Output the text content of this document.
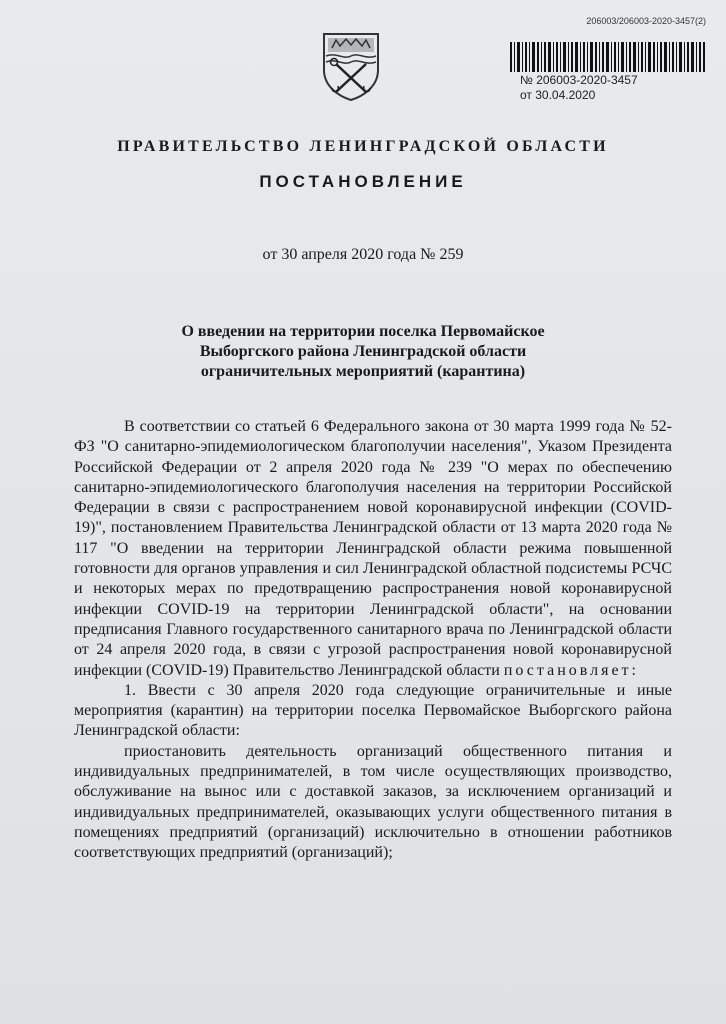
206003/206003-2020-3457(2)
№ 206003-2020-3457
от 30.04.2020
ПРАВИТЕЛЬСТВО ЛЕНИНГРАДСКОЙ ОБЛАСТИ
ПОСТАНОВЛЕНИЕ
от 30 апреля 2020 года № 259
О введении на территории поселка Первомайское
Выборгского района Ленинградской области
ограничительных мероприятий (карантина)

В соответствии со статьей 6 Федерального закона от 30 марта 1999 года № 52-ФЗ "О санитарно-эпидемиологическом благополучии населения", Указом Президента Российской Федерации от 2 апреля 2020 года № 239 "О мерах по обеспечению санитарно-эпидемиологического благополучия населения на территории Российской Федерации в связи с распространением новой коронавирусной инфекции (COVID-19)", постановлением Правительства Ленинградской области от 13 марта 2020 года № 117 "О введении на территории Ленинградской области режима повышенной готовности для органов управления и сил Ленинградской областной подсистемы РСЧС и некоторых мерах по предотвращению распространения новой коронавирусной инфекции COVID-19 на территории Ленинградской области", на основании предписания Главного государственного санитарного врача по Ленинградской области от 24 апреля 2020 года, в связи с угрозой распространения новой коронавирусной инфекции (COVID-19) Правительство Ленинградской области постановляет:

1. Ввести с 30 апреля 2020 года следующие ограничительные и иные мероприятия (карантин) на территории поселка Первомайское Выборгского района Ленинградской области:

приостановить деятельность организаций общественного питания и индивидуальных предпринимателей, в том числе осуществляющих производство, обслуживание на вынос или с доставкой заказов, за исключением организаций и индивидуальных предпринимателей, оказывающих услуги общественного питания в помещениях предприятий (организаций) исключительно в отношении работников соответствующих предприятий (организаций);
